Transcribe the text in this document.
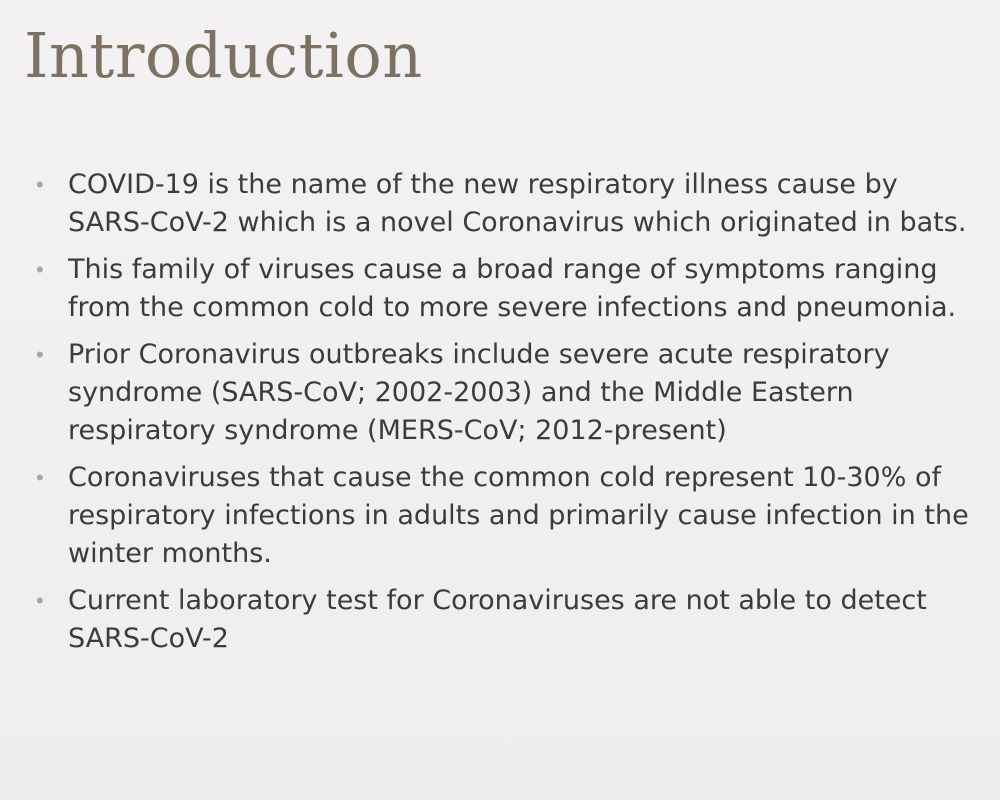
Introduction
• COVID-19 is the name of the new respiratory illness cause by SARS-CoV-2 which is a novel Coronavirus which originated in bats.
• This family of viruses cause a broad range of symptoms ranging from the common cold to more severe infections and pneumonia.
• Prior Coronavirus outbreaks include severe acute respiratory syndrome (SARS-CoV; 2002-2003) and the Middle Eastern respiratory syndrome (MERS-CoV; 2012-present)
• Coronaviruses that cause the common cold represent 10-30% of respiratory infections in adults and primarily cause infection in the winter months.
• Current laboratory test for Coronaviruses are not able to detect SARS-CoV-2
